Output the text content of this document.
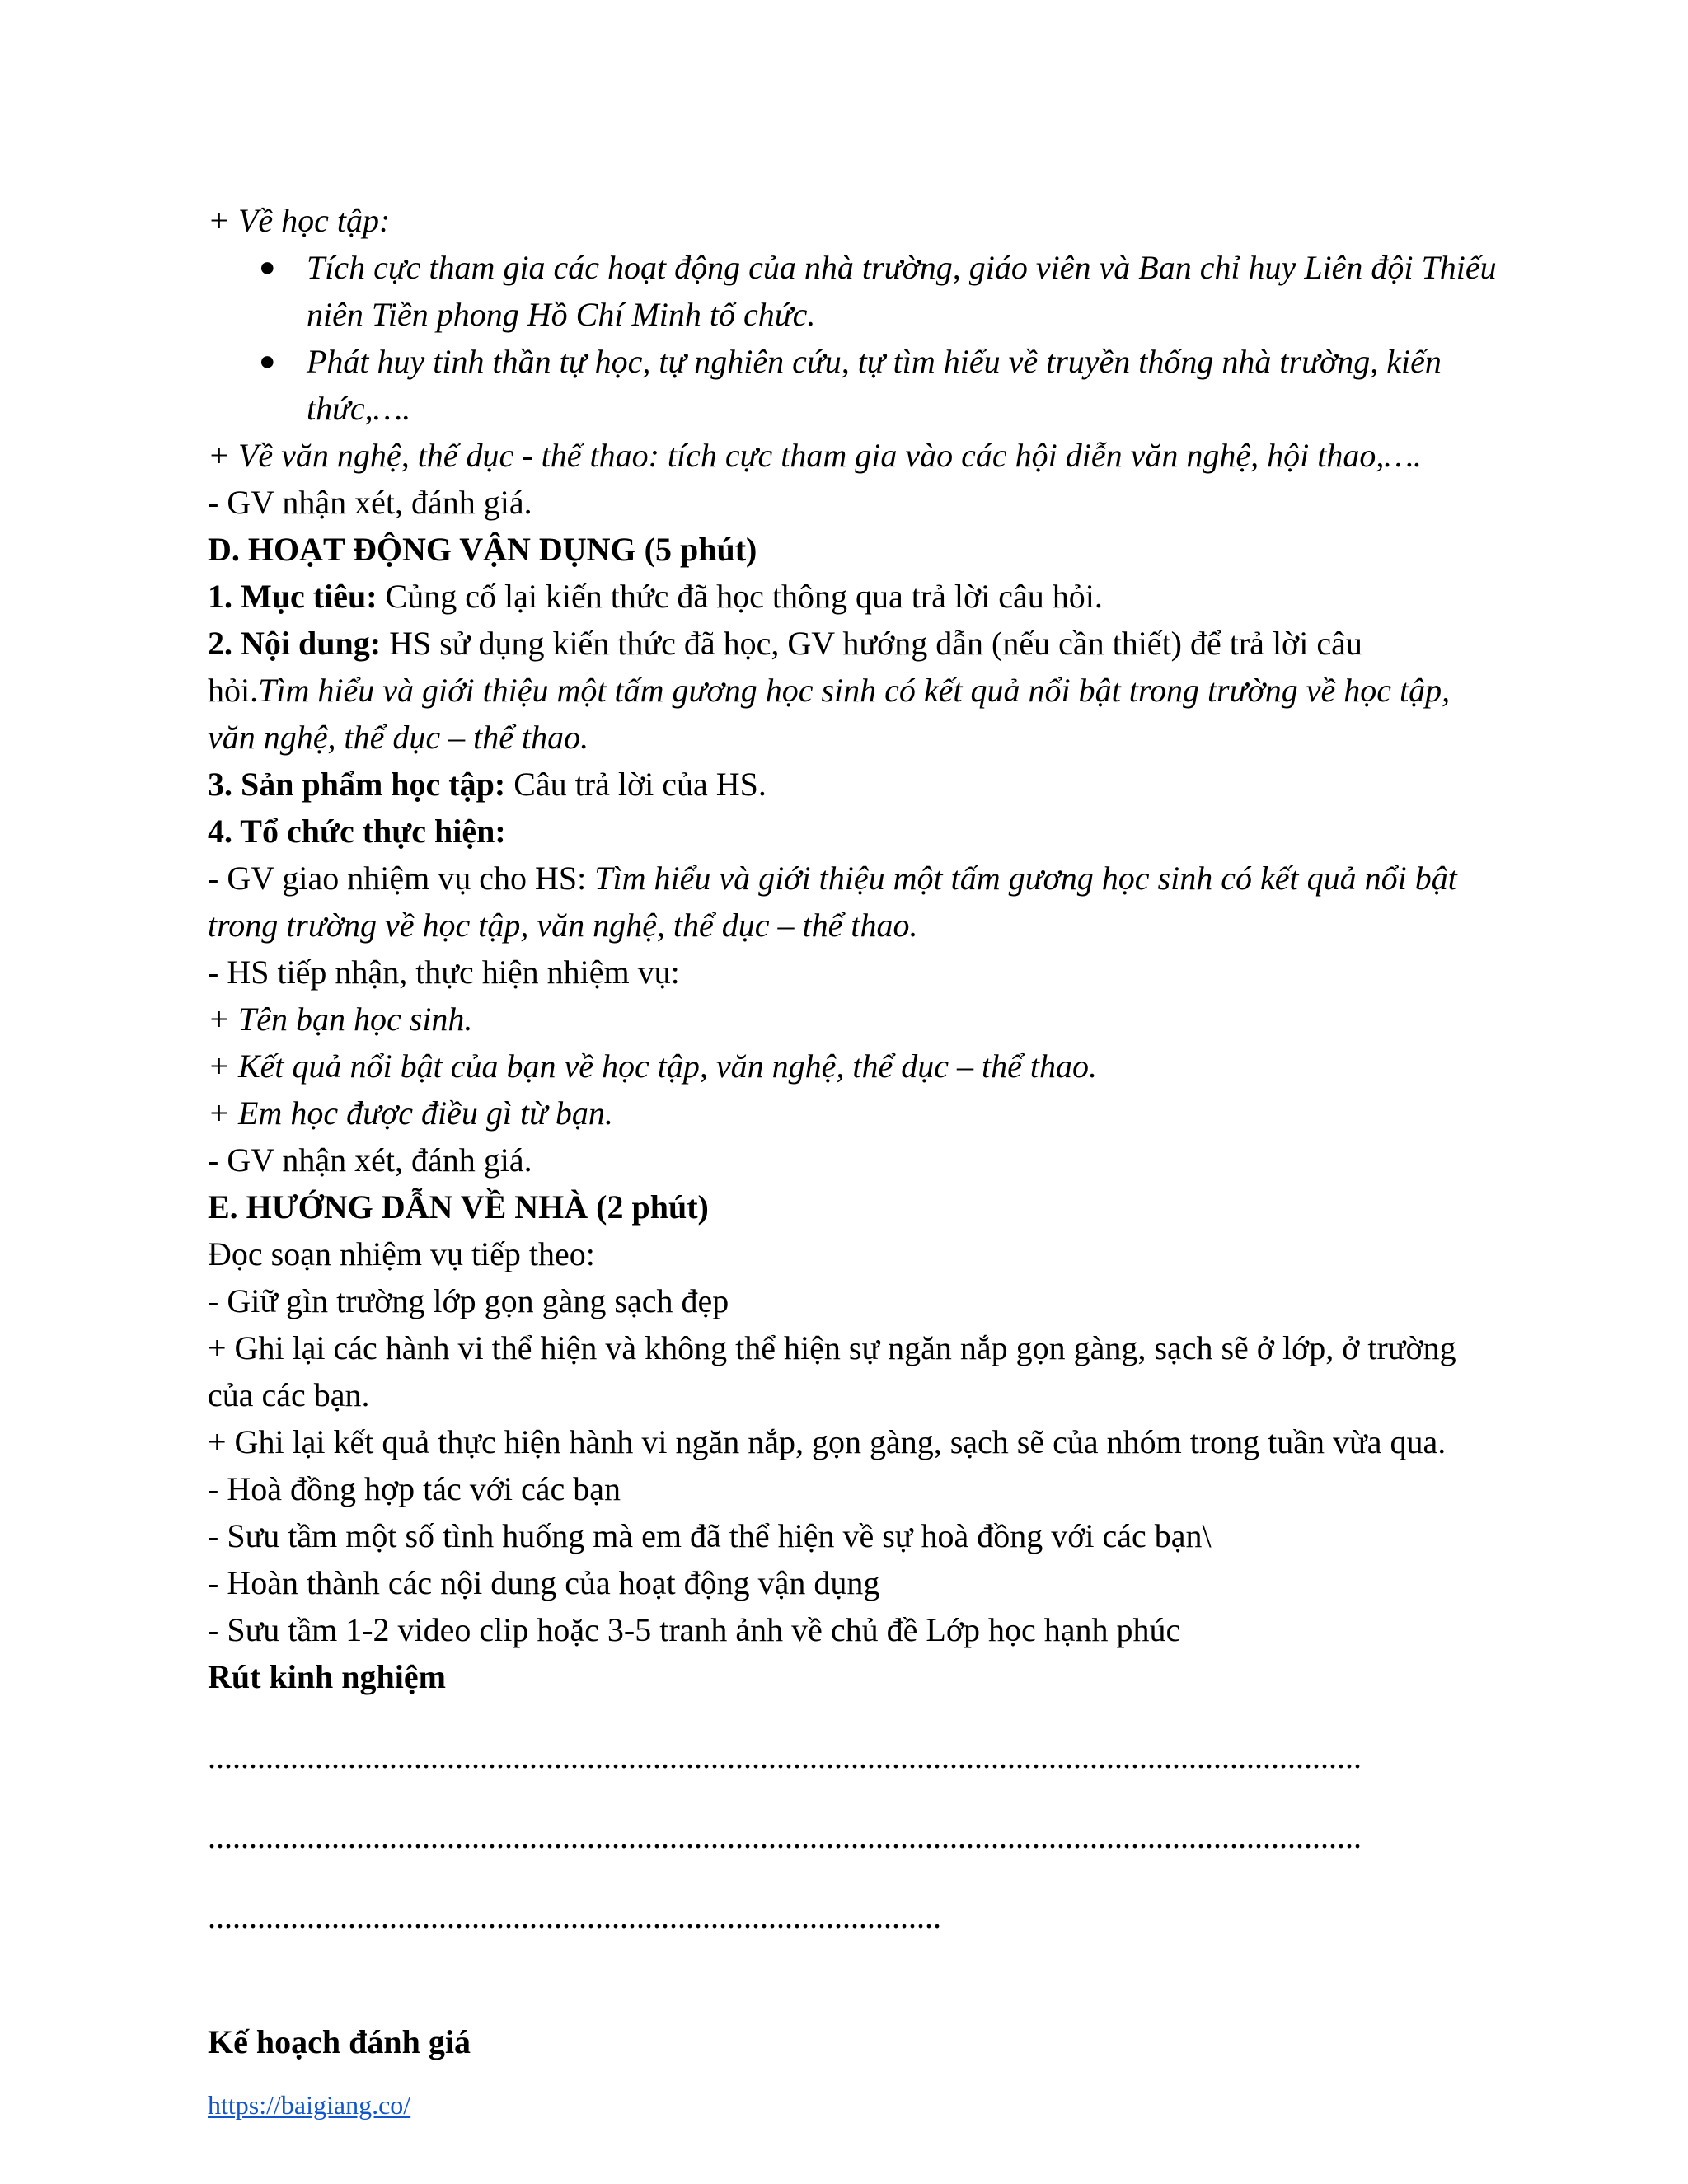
+ Về học tập:

● Tích cực tham gia các hoạt động của nhà trường, giáo viên và Ban chỉ huy Liên đội Thiếu niên Tiền phong Hồ Chí Minh tổ chức.
● Phát huy tinh thần tự học, tự nghiên cứu, tự tìm hiểu về truyền thống nhà trường, kiến thức,….

+ Về văn nghệ, thể dục - thể thao: tích cực tham gia vào các hội diễn văn nghệ, hội thao,….

- GV nhận xét, đánh giá.

D. HOẠT ĐỘNG VẬN DỤNG (5 phút)

1. Mục tiêu: Củng cố lại kiến thức đã học thông qua trả lời câu hỏi.

2. Nội dung: HS sử dụng kiến thức đã học, GV hướng dẫn (nếu cần thiết) để trả lời câu hỏi.Tìm hiểu và giới thiệu một tấm gương học sinh có kết quả nổi bật trong trường về học tập, văn nghệ, thể dục – thể thao.

3. Sản phẩm học tập: Câu trả lời của HS.

4. Tổ chức thực hiện:

- GV giao nhiệm vụ cho HS: Tìm hiểu và giới thiệu một tấm gương học sinh có kết quả nổi bật trong trường về học tập, văn nghệ, thể dục – thể thao.

- HS tiếp nhận, thực hiện nhiệm vụ:

+ Tên bạn học sinh.

+ Kết quả nổi bật của bạn về học tập, văn nghệ, thể dục – thể thao.

+ Em học được điều gì từ bạn.

- GV nhận xét, đánh giá.

E. HƯỚNG DẪN VỀ NHÀ (2 phút)

Đọc soạn nhiệm vụ tiếp theo:

- Giữ gìn trường lớp gọn gàng sạch đẹp

+ Ghi lại các hành vi thể hiện và không thể hiện sự ngăn nắp gọn gàng, sạch sẽ ở lớp, ở trường của các bạn.

+ Ghi lại kết quả thực hiện hành vi ngăn nắp, gọn gàng, sạch sẽ của nhóm trong tuần vừa qua.

- Hoà đồng hợp tác với các bạn

- Sưu tầm một số tình huống mà em đã thể hiện về sự hoà đồng với các bạn\

- Hoàn thành các nội dung của hoạt động vận dụng

- Sưu tầm 1-2 video clip hoặc 3-5 tranh ảnh về chủ đề Lớp học hạnh phúc

Rút kinh nghiệm

............................................................................................................................................

............................................................................................................................................

.........................................................................................

Kế hoạch đánh giá

https://baigiang.co/
